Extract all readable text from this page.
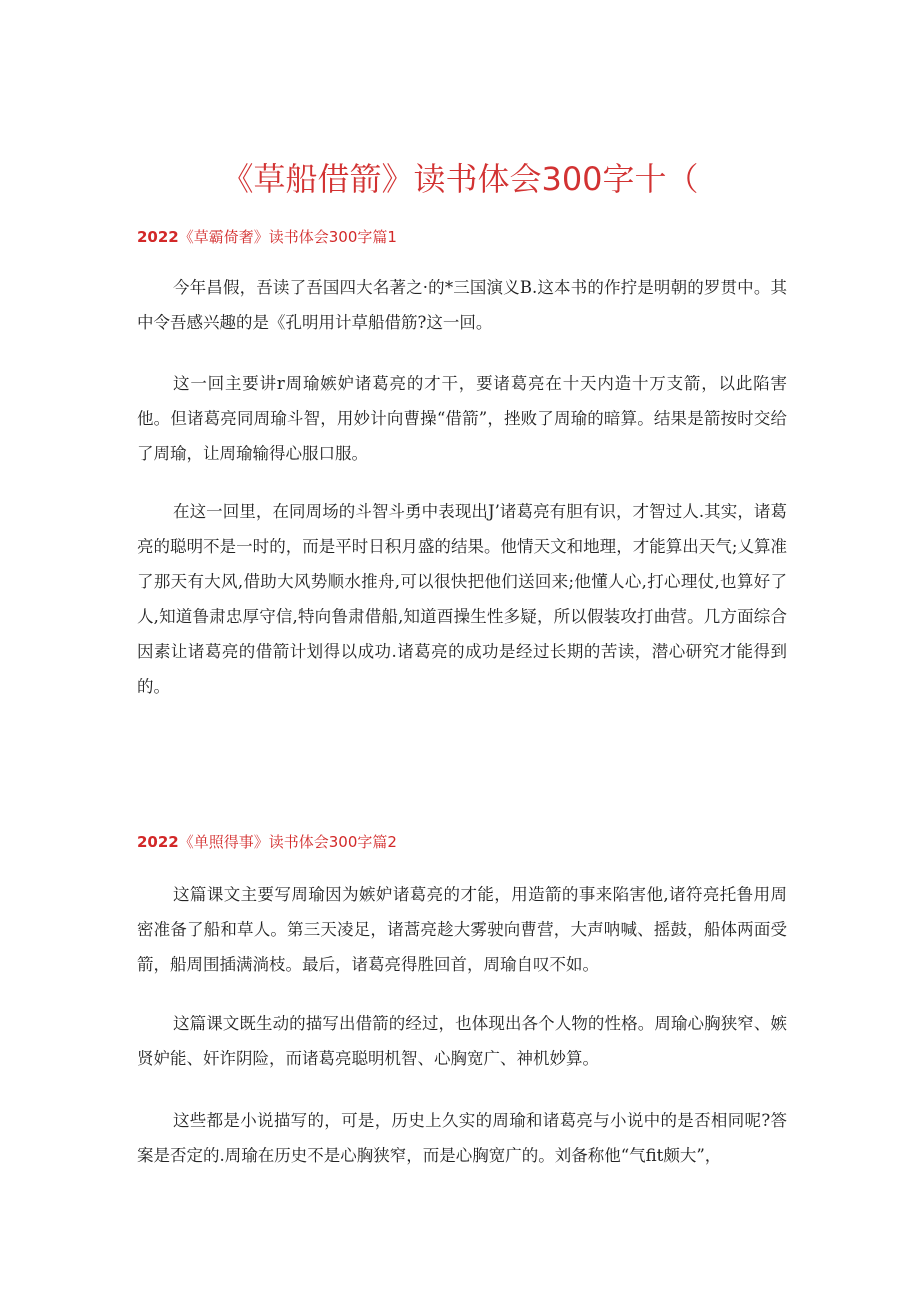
《草船借箭》读书体会300字十（
2022《草霸倚奢》读书体会300字篇1

今年昌假，吾读了吾国四大名著之·的*三国演义B.这本书的作拧是明朝的罗贯中。其中令吾感兴趣的是《孔明用计草船借筋?这一回。

这一回主要讲r周瑜嫉妒诸葛亮的才干，要诸葛亮在十天内造十万支箭，以此陷害他。但诸葛亮同周瑜斗智，用妙计向曹操“借箭”，挫败了周瑜的暗算。结果是箭按时交给了周瑜，让周瑜输得心服口服。

在这一回里，在同周场的斗智斗勇中表现出J’诸葛亮有胆有识，才智过人.其实，诸葛亮的聪明不是一时的，而是平时日积月盛的结果。他情天文和地理，才能算出天气;乂算准了那天有大风,借助大风势顺水推舟,可以很快把他们送回来;他懂人心,打心理仗,也算好了人,知道鲁肃忠厚守信,特向鲁肃借船,知道酉操生性多疑，所以假装攻打曲营。几方面综合因素让诸葛亮的借箭计划得以成功.诸葛亮的成功是经过长期的苦读，潜心研究才能得到的。

2022《单照得事》读书体会300字篇2

这篇课文主要写周瑜因为嫉妒诸葛亮的才能，用造箭的事来陷害他,诸符亮托鲁用周密准备了船和草人。第三天凌足，诸蒿亮趁大雾驶向曹营，大声呐喊、摇鼓，船体两面受箭，船周围插满淌枝。最后，诸葛亮得胜回首，周瑜自叹不如。

这篇课文既生动的描写出借箭的经过，也体现出各个人物的性格。周瑜心胸狭窄、嫉贤妒能、奸诈阴险，而诸葛亮聪明机智、心胸宽广、神机妙算。

这些都是小说描写的，可是，历史上久实的周瑜和诸葛亮与小说中的是否相同呢?答案是否定的.周瑜在历史不是心胸狭窄，而是心胸宽广的。刘备称他“气fit颇大”，
